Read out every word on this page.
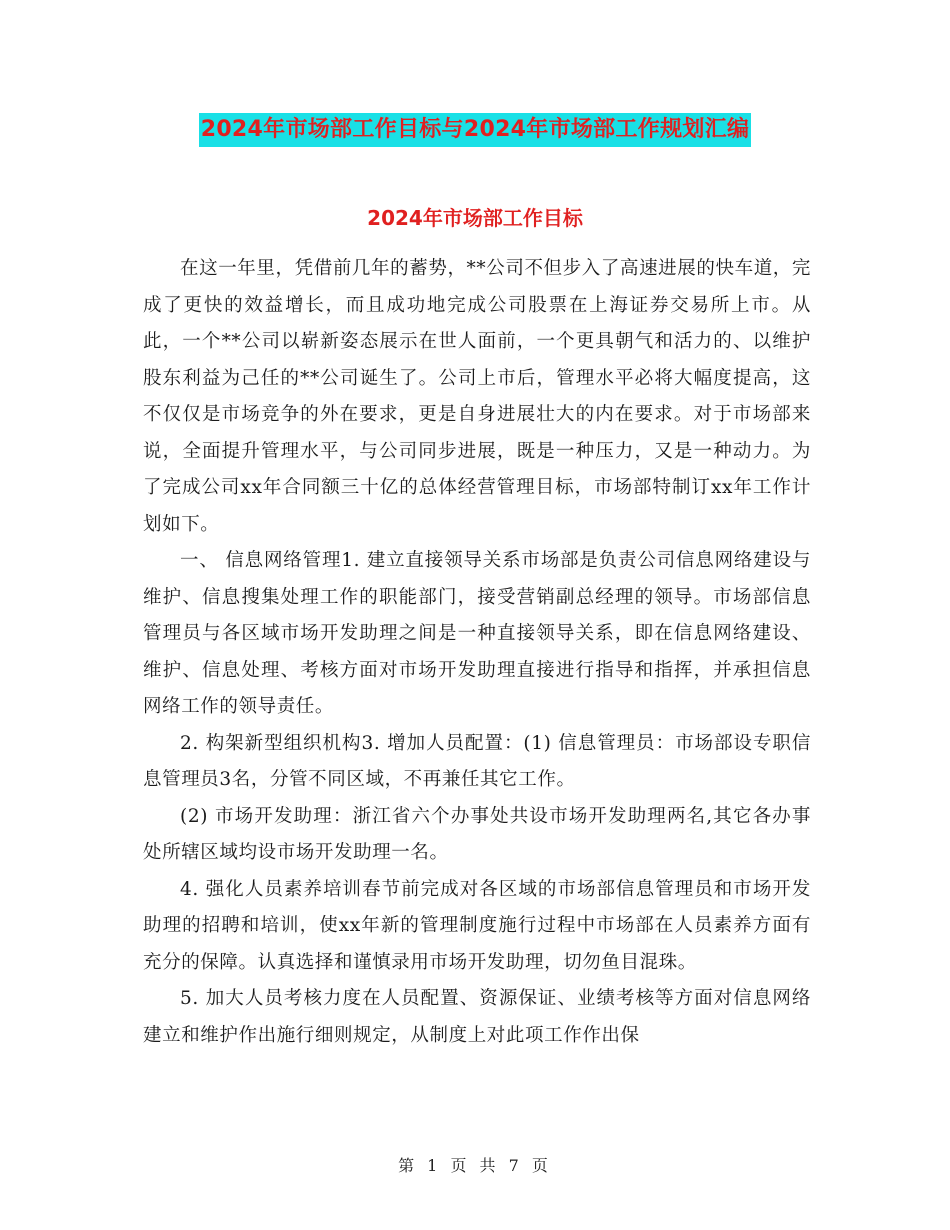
2024年市场部工作目标与2024年市场部工作规划汇编
2024年市场部工作目标

在这一年里，凭借前几年的蓄势，**公司不但步入了高速进展的快车道，完成了更快的效益增长，而且成功地完成公司股票在上海证券交易所上市。从此，一个**公司以崭新姿态展示在世人面前，一个更具朝气和活力的、以维护股东利益为己任的**公司诞生了。公司上市后，管理水平必将大幅度提高，这不仅仅是市场竞争的外在要求，更是自身进展壮大的内在要求。对于市场部来说，全面提升管理水平，与公司同步进展，既是一种压力，又是一种动力。为了完成公司xx年合同额三十亿的总体经营管理目标，市场部特制订xx年工作计划如下。

一、 信息网络管理1. 建立直接领导关系市场部是负责公司信息网络建设与维护、信息搜集处理工作的职能部门，接受营销副总经理的领导。市场部信息管理员与各区域市场开发助理之间是一种直接领导关系，即在信息网络建设、维护、信息处理、考核方面对市场开发助理直接进行指导和指挥，并承担信息网络工作的领导责任。

2. 构架新型组织机构3. 增加人员配置：(1) 信息管理员：市场部设专职信息管理员3名，分管不同区域，不再兼任其它工作。

(2) 市场开发助理：浙江省六个办事处共设市场开发助理两名,其它各办事处所辖区域均设市场开发助理一名。

4. 强化人员素养培训春节前完成对各区域的市场部信息管理员和市场开发助理的招聘和培训，使xx年新的管理制度施行过程中市场部在人员素养方面有充分的保障。认真选择和谨慎录用市场开发助理，切勿鱼目混珠。

5. 加大人员考核力度在人员配置、资源保证、业绩考核等方面对信息网络建立和维护作出施行细则规定，从制度上对此项工作作出保

第 1 页 共 7 页
